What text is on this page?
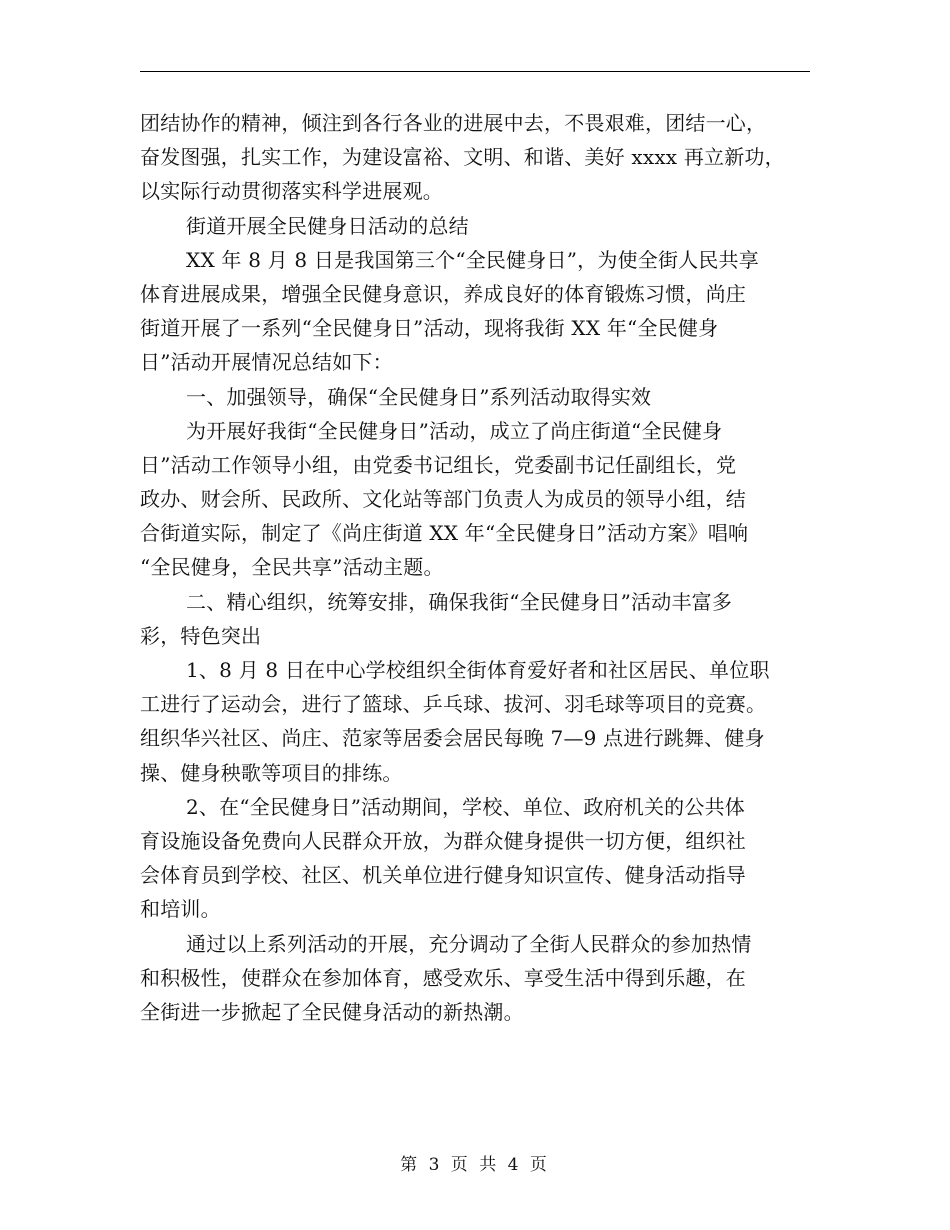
团结协作的精神，倾注到各行各业的进展中去，不畏艰难，团结一心，
奋发图强，扎实工作，为建设富裕、文明、和谐、美好 xxxx 再立新功，
以实际行动贯彻落实科学进展观。
街道开展全民健身日活动的总结
XX 年 8 月 8 日是我国第三个“全民健身日”，为使全街人民共享
体育进展成果，增强全民健身意识，养成良好的体育锻炼习惯，尚庄
街道开展了一系列“全民健身日”活动，现将我街 XX 年“全民健身
日”活动开展情况总结如下：
一、加强领导，确保“全民健身日”系列活动取得实效
为开展好我街“全民健身日”活动，成立了尚庄街道“全民健身
日”活动工作领导小组，由党委书记组长，党委副书记任副组长，党
政办、财会所、民政所、文化站等部门负责人为成员的领导小组，结
合街道实际，制定了《尚庄街道 XX 年“全民健身日”活动方案》唱响
“全民健身，全民共享”活动主题。
二、精心组织，统筹安排，确保我街“全民健身日”活动丰富多
彩，特色突出
1、8 月 8 日在中心学校组织全街体育爱好者和社区居民、单位职
工进行了运动会，进行了篮球、乒乓球、拔河、羽毛球等项目的竞赛。
组织华兴社区、尚庄、范家等居委会居民每晚 7—9 点进行跳舞、健身
操、健身秧歌等项目的排练。
2、在“全民健身日”活动期间，学校、单位、政府机关的公共体
育设施设备免费向人民群众开放，为群众健身提供一切方便，组织社
会体育员到学校、社区、机关单位进行健身知识宣传、健身活动指导
和培训。
通过以上系列活动的开展，充分调动了全街人民群众的参加热情
和积极性，使群众在参加体育，感受欢乐、享受生活中得到乐趣，在
全街进一步掀起了全民健身活动的新热潮。
第 3 页 共 4 页
